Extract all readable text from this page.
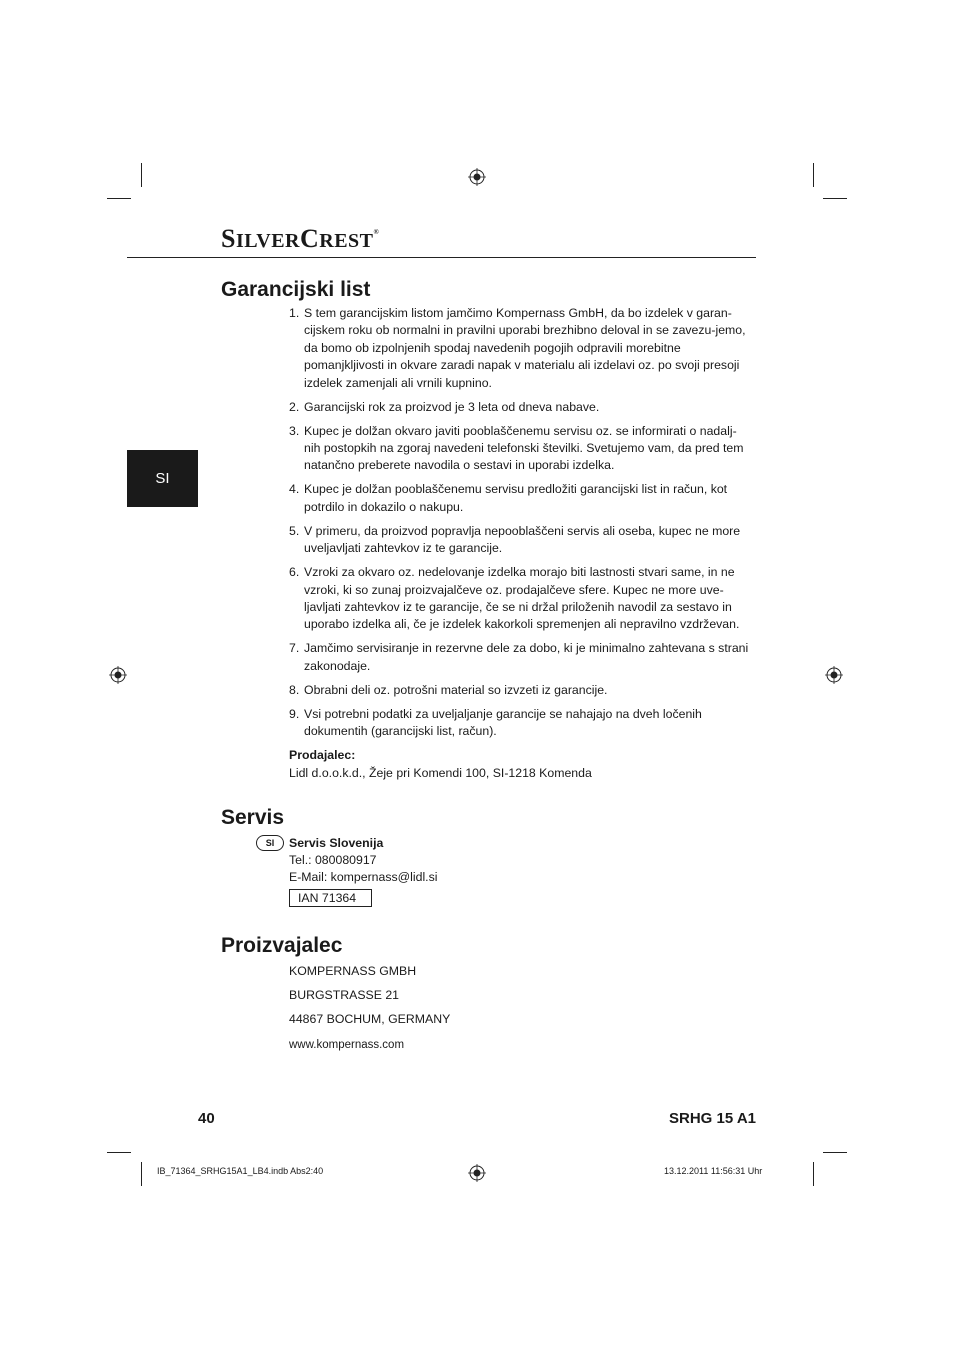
SILVERCREST®
SI
Garancijski list
1. S tem garancijskim listom jamčimo Kompernass GmbH, da bo izdelek v garan-cijskem roku ob normalni in pravilni uporabi brezhibno deloval in se zavezu-jemo, da bomo ob izpolnjenih spodaj navedenih pogojih odpravili morebitne pomanjkljivosti in okvare zaradi napak v materialu ali izdelavi oz. po svoji presoji izdelek zamenjali ali vrnili kupnino.
2. Garancijski rok za proizvod je 3 leta od dneva nabave.
3. Kupec je dolžan okvaro javiti pooblaščenemu servisu oz. se informirati o nadalj-nih postopkih na zgoraj navedeni telefonski številki. Svetujemo vam, da pred tem natančno preberete navodila o sestavi in uporabi izdelka.
4. Kupec je dolžan pooblaščenemu servisu predložiti garancijski list in račun, kot potrdilo in dokazilo o nakupu.
5. V primeru, da proizvod popravlja nepooblaščeni servis ali oseba, kupec ne more uveljavljati zahtevkov iz te garancije.
6. Vzroki za okvaro oz. nedelovanje izdelka morajo biti lastnosti stvari same, in ne vzroki, ki so zunaj proizvajalčeve oz. prodajalčeve sfere. Kupec ne more uve-ljavljati zahtevkov iz te garancije, če se ni držal priloženih navodil za sestavo in uporabo izdelka ali, če je izdelek kakorkoli spremenjen ali nepravilno vzdrževan.
7. Jamčimo servisiranje in rezervne dele za dobo, ki je minimalno zahtevana s strani zakonodaje.
8. Obrabni deli oz. potrošni material so izvzeti iz garancije.
9. Vsi potrebni podatki za uveljaljanje garancije se nahajajo na dveh ločenih dokumentih (garancijski list, račun).
Prodajalec:
Lidl d.o.o.k.d., Žeje pri Komendi 100, SI-1218 Komenda
Servis
SI	Servis Slovenija
Tel.: 080080917
E-Mail: kompernass@lidl.si
IAN 71364
Proizvajalec
KOMPERNASS GMBH
BURGSTRASSE 21
44867 BOCHUM, GERMANY
www.kompernass.com
40	SRHG 15 A1
IB_71364_SRHG15A1_LB4.indb Abs2:40	13.12.2011 11:56:31 Uhr
